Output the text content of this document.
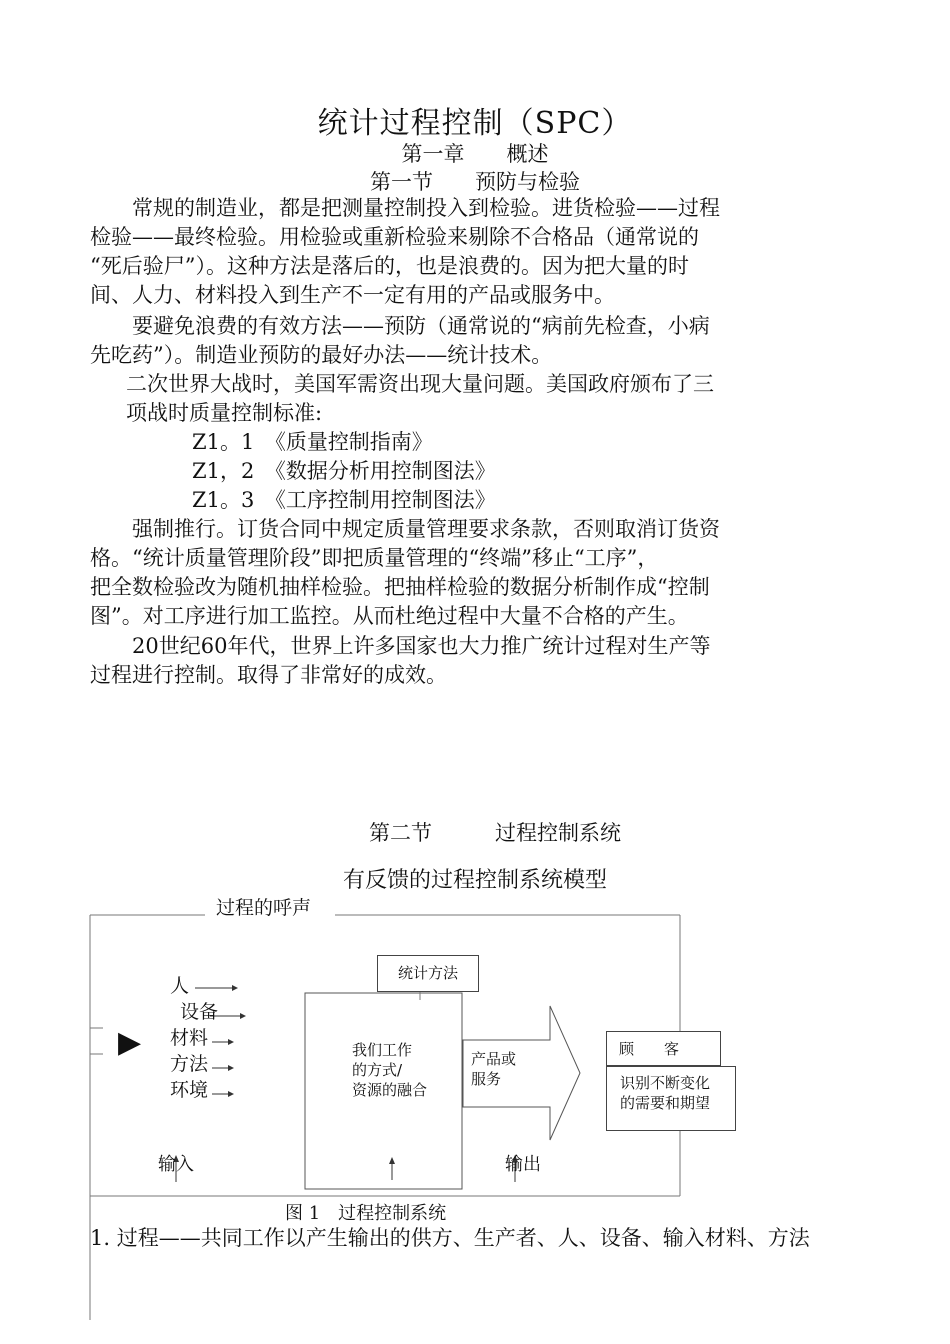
统计过程控制（SPC）
第一章　　概述
第一节　　预防与检验
　　常规的制造业，都是把测量控制投入到检验。进货检验——过程
检验——最终检验。用检验或重新检验来剔除不合格品（通常说的
“死后验尸”）。这种方法是落后的，也是浪费的。因为把大量的时
间、人力、材料投入到生产不一定有用的产品或服务中。
　　要避免浪费的有效方法——预防（通常说的“病前先检查，小病
先吃药”）。制造业预防的最好办法——统计技术。
二次世界大战时，美国军需资出现大量问题。美国政府颁布了三
项战时质量控制标准:
Z1。1　《质量控制指南》
Z1，2　《数据分析用控制图法》
Z1。3　《工序控制用控制图法》
　　强制推行。订货合同中规定质量管理要求条款，否则取消订货资
格。“统计质量管理阶段”即把质量管理的“终端”移止“工序”，
把全数检验改为随机抽样检验。把抽样检验的数据分析制作成“控制
图”。对工序进行加工监控。从而杜绝过程中大量不合格的产生。
　　20世纪60年代，世界上许多国家也大力推广统计过程对生产等
过程进行控制。取得了非常好的成效。
第二节　　　过程控制系统
有反馈的过程控制系统模型
过程的呼声
统计方法
▶
人
设备
材料
方法
环境
我们工作
的方式/
资源的融合
产品或
服务
顾　　客
识别不断变化
的需要和期望
输入	输出
图 1　过程控制系统
1. 过程——共同工作以产生输出的供方、生产者、人、设备、输入材料、方法
